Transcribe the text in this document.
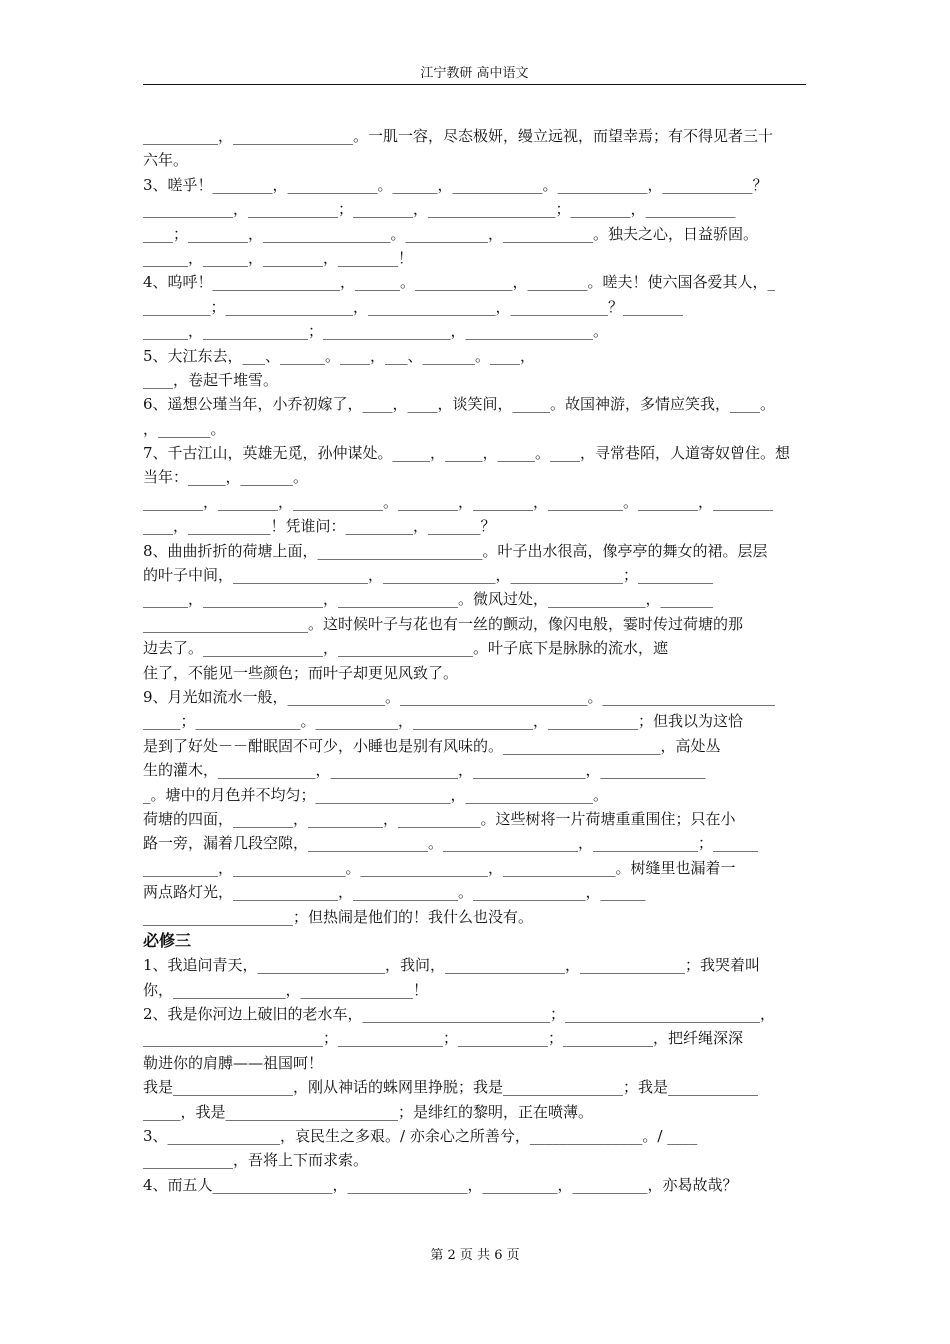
江宁教研 高中语文
__________，________________。一肌一容，尽态极妍，缦立远视，而望幸焉；有不得见者三十
六年。
3、嗟乎！________，____________。______，____________。____________，____________？
____________，____________；________，_________________；________，____________
____；________，_________________。___________，____________。独夫之心，日益骄固。
______，______，________，________！
4、呜呼！_________________，______。_____________，________。嗟夫！使六国各爱其人，_
_________；_________________，_________________，_____________？________
______，______________；_________________，_________________。
5、大江东去，___、______。____，___、_______。____，
____，卷起千堆雪。
6、遥想公瑾当年，小乔初嫁了，____，____，谈笑间，_____。故国神游，多情应笑我，____。
，_______。
7、千古江山，英雄无觅，孙仲谋处。_____，_____，_____。____，寻常巷陌，人道寄奴曾住。想
当年：_____，_______。
________，________，____________。________，________，__________。________，________
____，___________！凭谁问：_________，_______？
8、曲曲折折的荷塘上面，______________________。叶子出水很高，像亭亭的舞女的裙。层层
的叶子中间，__________________，_______________，_______________；__________
______，________________，________________。微风过处，_____________，_______
______________________。这时候叶子与花也有一丝的颤动，像闪电般，霎时传过荷塘的那
边去了。________________，__________________。叶子底下是脉脉的流水，遮
住了，不能见一些颜色；而叶子却更见风致了。
9、月光如流水一般，_____________。_________________________。_______________________
_____；______________。___________，________________，____________；但我以为这恰
是到了好处－－酣眠固不可少，小睡也是别有风味的。_____________________，高处丛
生的灌木，_____________，_________________，_______________，______________
_。塘中的月色并不均匀；__________________，_________________。
荷塘的四面，________，__________，___________。这些树将一片荷塘重重围住；只在小
路一旁，漏着几段空隙，________________。__________________，______________；______
__________，_______________。_________________，_______________。树缝里也漏着一
两点路灯光，______________，______________。_______________，______
____________________；但热闹是他们的！我什么也没有。
必修三
1、我追问青天，_________________，我问，________________，______________；我哭着叫
你，_______________，_______________！
2、我是你河边上破旧的老水车，_________________________；__________________________，
________________________；______________；____________；____________，把纤绳深深
勒进你的肩膊——祖国呵！
我是________________，刚从神话的蛛网里挣脱；我是________________；我是____________
_____，我是_______________________；是绯红的黎明，正在喷薄。
3、_______________，哀民生之多艰。/ 亦余心之所善兮，_______________。/ ____
____________，吾将上下而求索。
4、而五人________________，________________，__________，__________，亦曷故哉？
第 2 页 共 6 页
